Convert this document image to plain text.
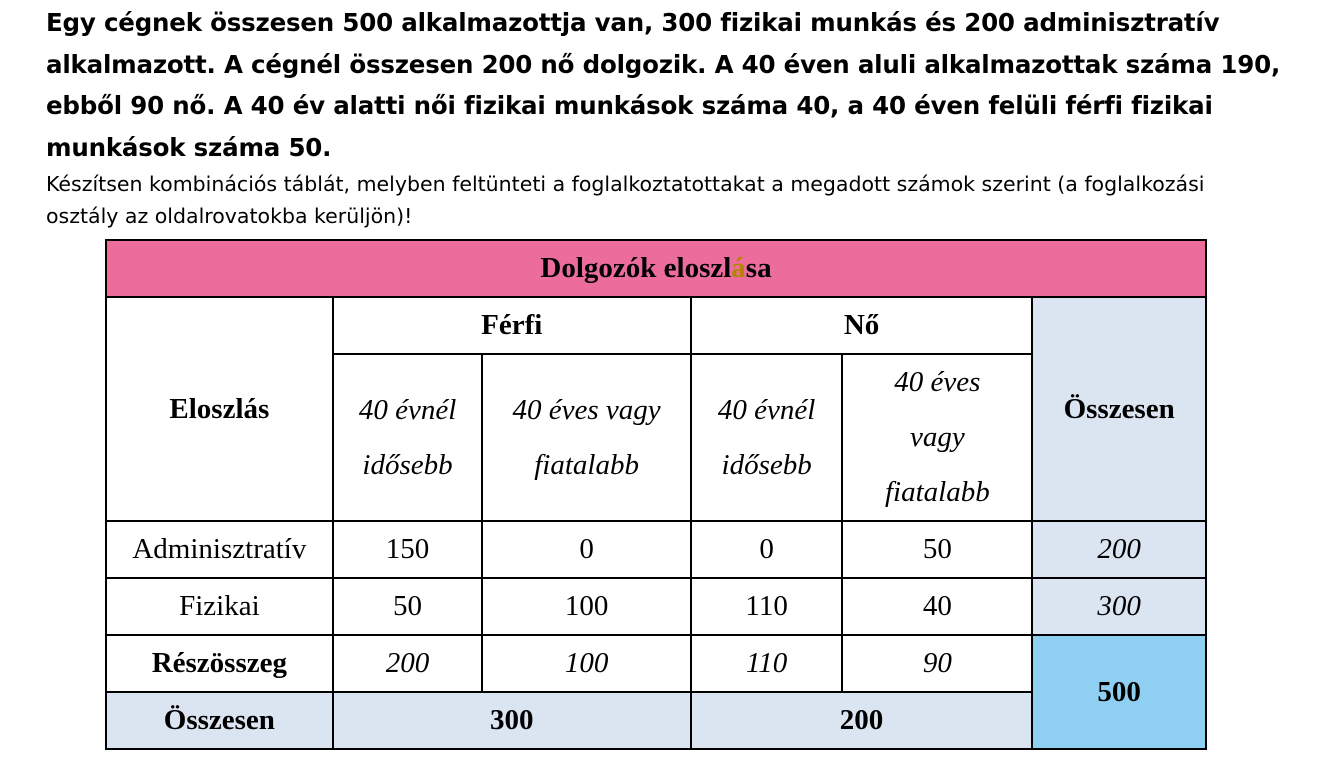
Egy cégnek összesen 500 alkalmazottja van, 300 fizikai munkás és 200 adminisztratív alkalmazott. A cégnél összesen 200 nő dolgozik. A 40 éven aluli alkalmazottak száma 190, ebből 90 nő. A 40 év alatti női fizikai munkások száma 40, a 40 éven felüli férfi fizikai munkások száma 50.

Készítsen kombinációs táblát, melyben feltünteti a foglalkoztatottakat a megadott számok szerint (a foglalkozási osztály az oldalrovatokba kerüljön)!

Dolgozók eloszlása					
Eloszlás	Férfi		Nő		Összesen
	40 évnél idősebb	40 éves vagy fiatalabb	40 évnél idősebb	40 éves vagy fiatalabb	
Adminisztratív	150	0	0	50	200
Fizikai	50	100	110	40	300
Részösszeg	200	100	110	90	500
Összesen	300		200		
